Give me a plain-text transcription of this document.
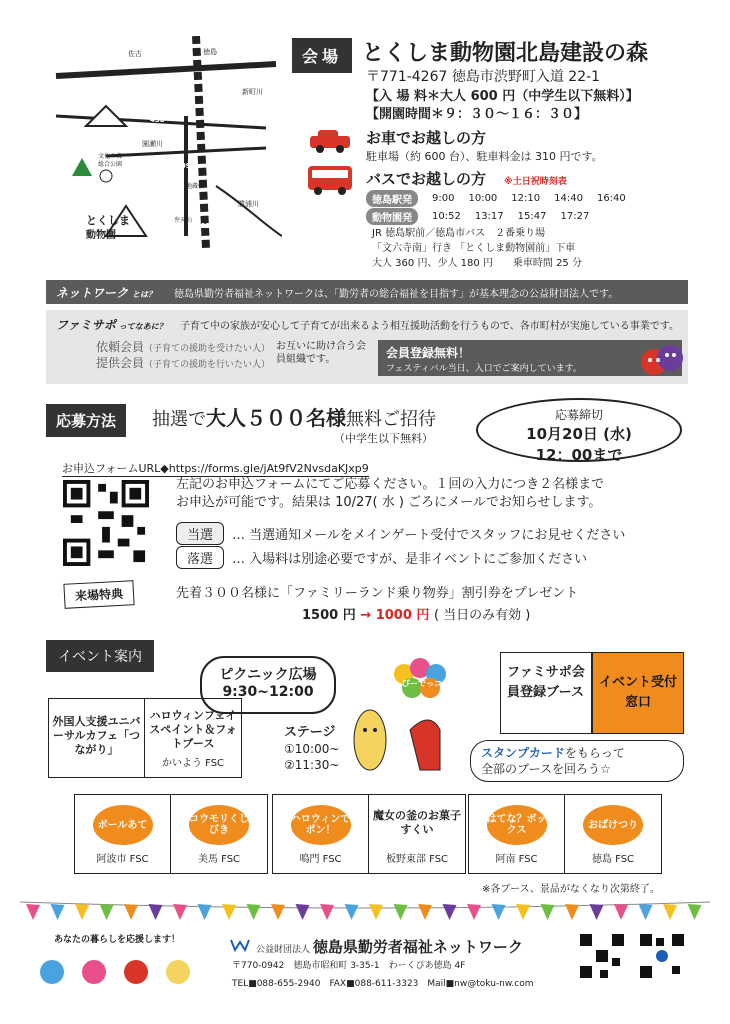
とくしま
動物園
佐古	JR 徳島
192
新町川
438
園瀬川
文化の森
総合公園	209
55
地蔵橋
弁天山
212
勝浦川
会場 とくしま動物園北島建設の森
〒771-4267 徳島市渋野町入道 22-1
【入 場 料＊大人 600 円（中学生以下無料）】
【開園時間＊９：３０～１６：３０】
お車でお越しの方
駐車場（約 600 台）、駐車料金は 310 円です。
バスでお越しの方 ※土日祝時刻表
徳島駅発	9:00 10:00 12:10 14:40 16:40
動物園発	10:52 13:17 15:47 17:27
JR 徳島駅前／徳島市バス　２番乗り場
「文六寺南」行き 「とくしま動物園前」下車
大人 360 円、少人 180 円　　乗車時間 25 分
ネットワーク とは？ 徳島県勤労者福祉ネットワークは、「勤労者の総合福祉を目指す」が基本理念の公益財団法人です。
ファミサポ ってなあに？ 子育て中の家族が安心して子育てが出来るよう相互援助活動を行うもので、各市町村が実施している事業です。
依頼会員（子育ての援助を受けたい人）
提供会員（子育ての援助を行いたい人）
お互いに助け合う会員組織です。	会員登録無料！
フェスティバル当日、入口でご案内しています。
応募方法	抽選で大人５００名様無料ご招待
（中学生以下無料）
応募締切
10月20日 (水)
12：00まで
お申込フォームURL◆https://forms.gle/jAt9fV2NvsdaKJxp9
左記のお申込フォームにてご応募ください。１回の入力につき２名様まで
お申込が可能です。結果は 10/27( 水 ) ごろにメールでお知らせします。
当選	… 当選通知メールをメインゲート受付でスタッフにお見せください
落選	… 入場料は別途必要ですが、是非イベントにご参加ください
来場特典	先着３００名様に「ファミリーランド乗り物券」割引券をプレゼント
1500 円 → 1000 円 ( 当日のみ有効 )
イベント案内
ピクニック広場
9:30~12:00
ぴーでっコ
ステージ
①10:00~
②11:30~
ファミサポ会員登録ブース
イベント受付窓口
スタンプカードをもらって
全部のブースを回ろう☆
外国人支援ユニバーサルカフェ「つながり」
ハロウィンフェイスペイント＆フォトブース
かいよう FSC
ボールあて
阿波市 FSC
コウモリくじびき
美馬 FSC
ハロウィンでポン！
鳴門 FSC
魔女の釜のお菓子すくい
板野東部 FSC
はてな？ボックス
阿南 FSC
おばけつり
徳島 FSC
※各ブース、景品がなくなり次第終了。
あなたの暮らしを応援します！
公益財団法人 徳島県勤労者福祉ネットワーク
〒770-0942　徳島市昭和町 3-35-1　わーくぴあ徳島 4F
TEL■088-655-2940　FAX■088-611-3323　Mail■nw@toku-nw.com
